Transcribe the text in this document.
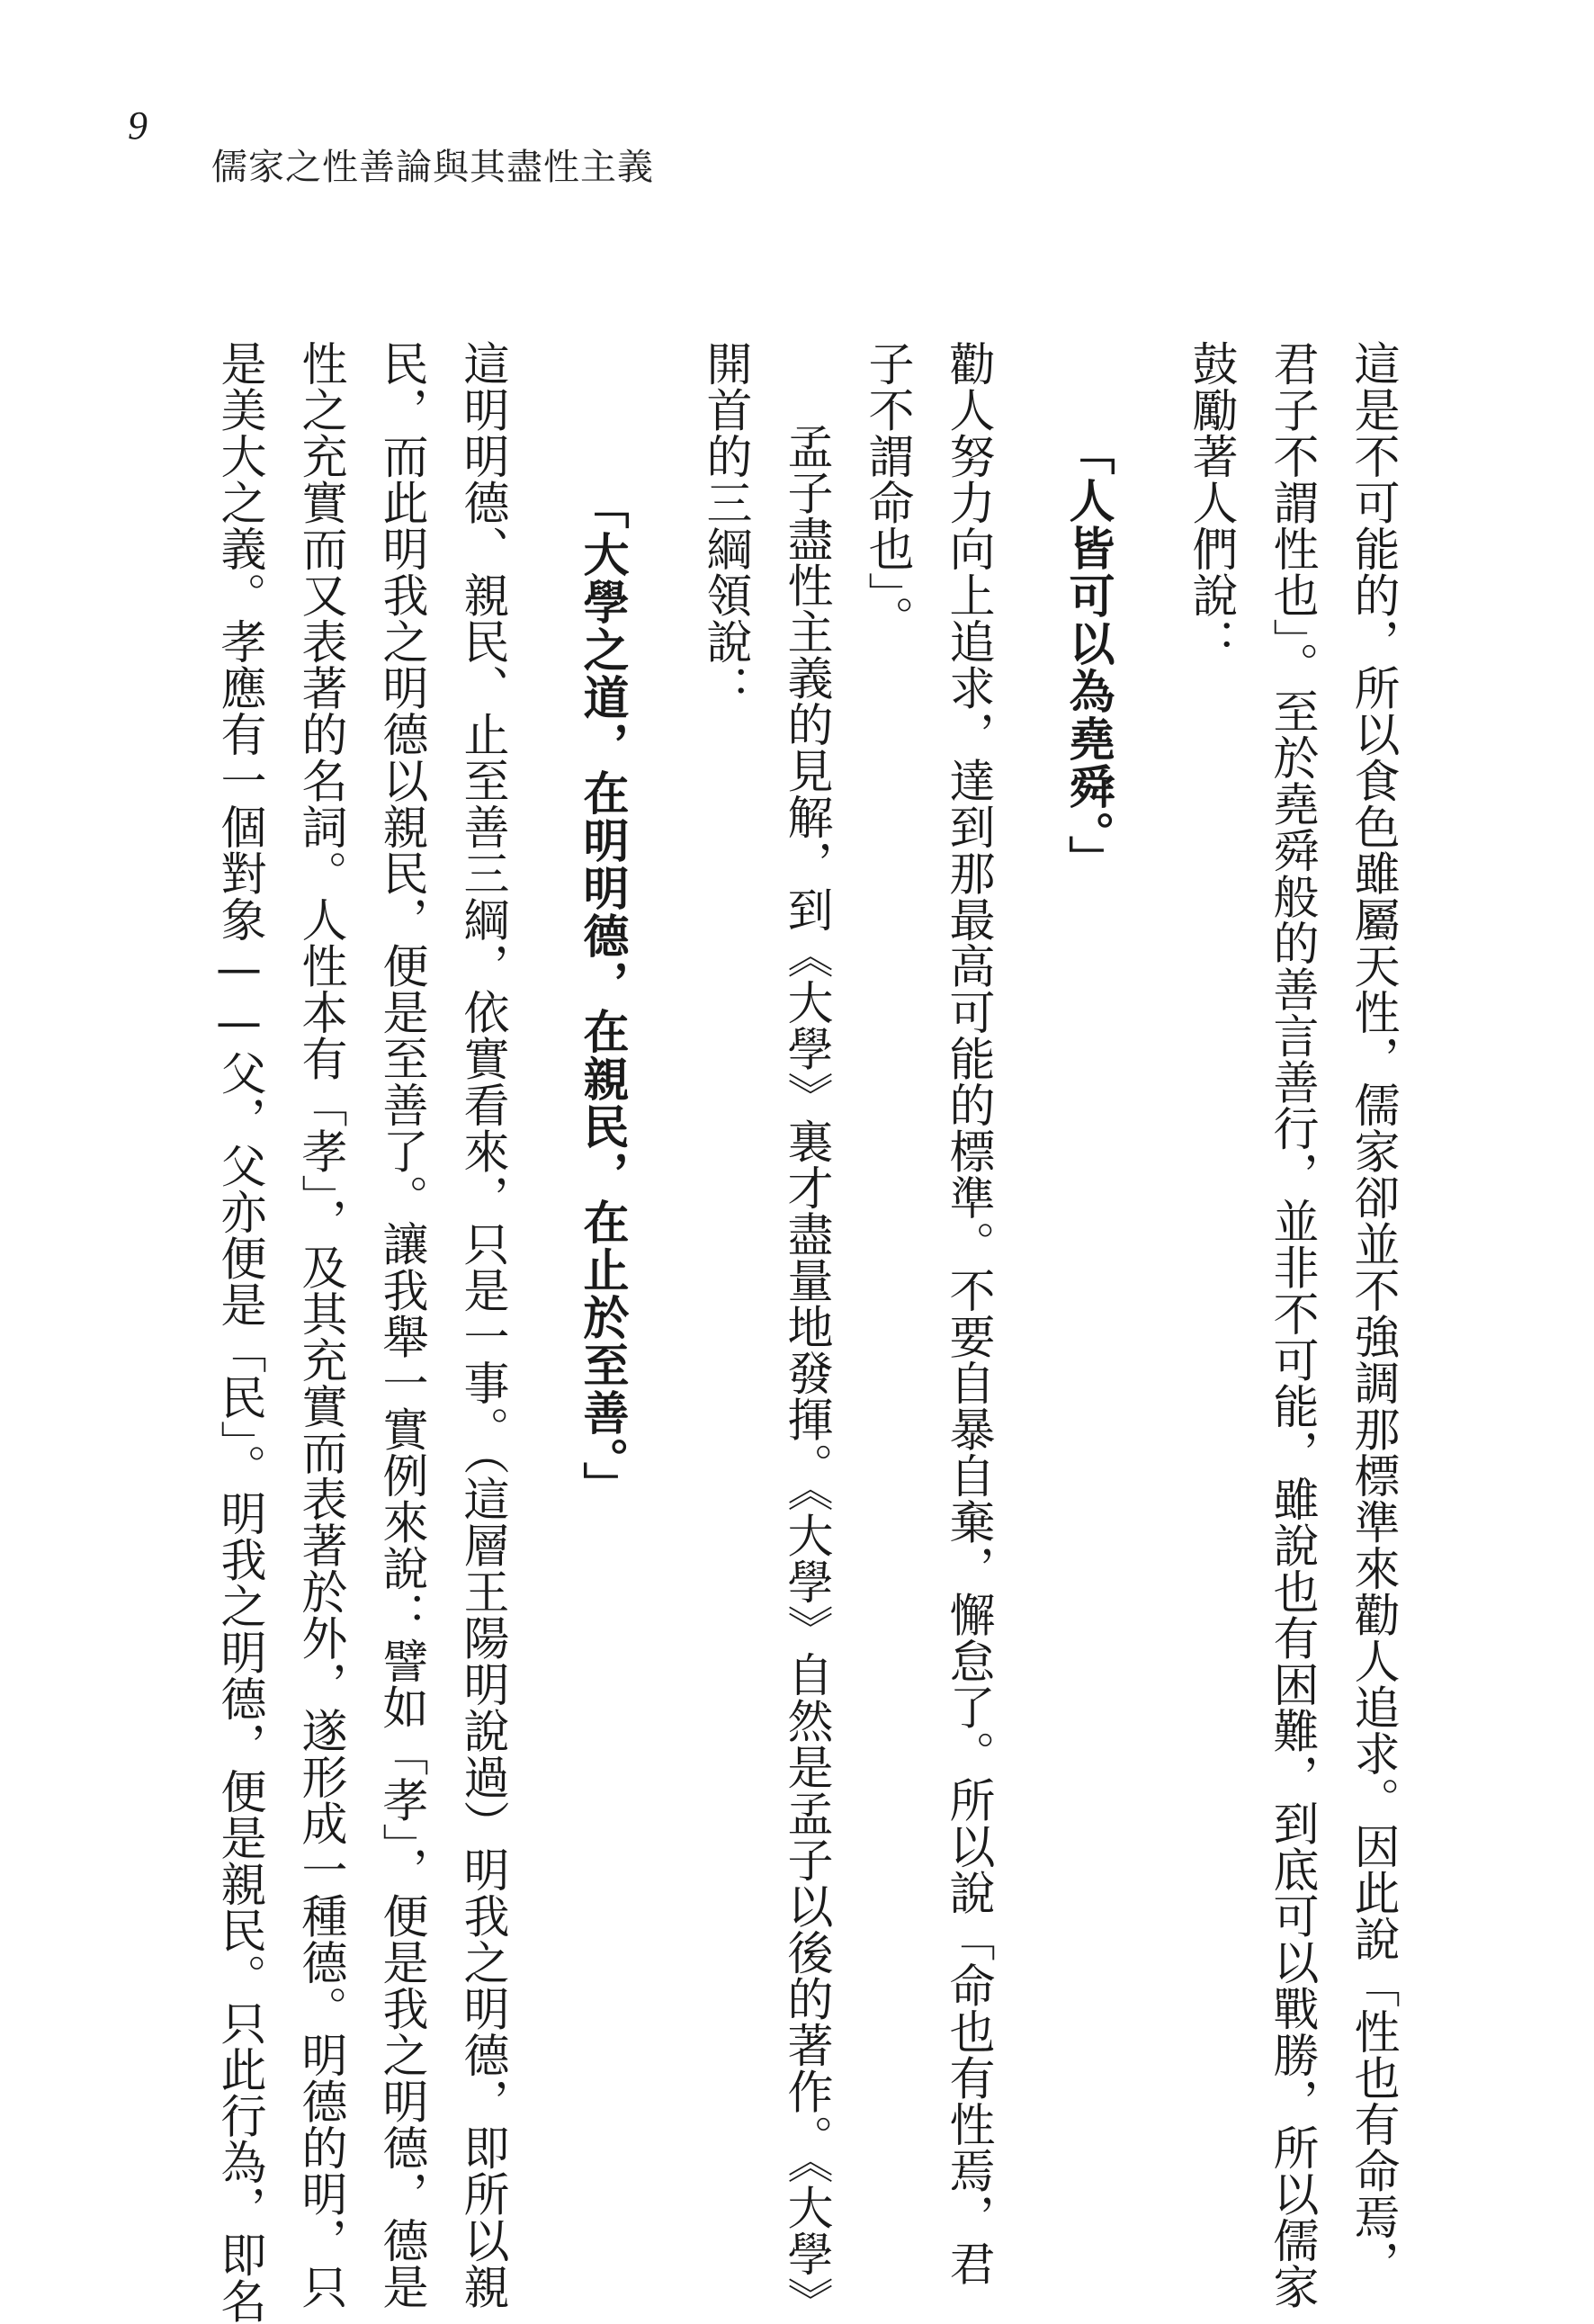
9
儒家之性善論與其盡性主義
這是不可能的，所以食色雖屬天性，儒家卻並不強調那標準來勸人追求。因此說「性也有命焉，
君子不謂性也」。至於堯舜般的善言善行，並非不可能，雖說也有困難，到底可以戰勝，所以儒家
鼓勵著人們說：
「人皆可以為堯舜。」
勸人努力向上追求，達到那最高可能的標準。不要自暴自棄，懈怠了。所以說「命也有性焉，君
子不謂命也」。
孟子盡性主義的見解，到《大學》裏才盡量地發揮。《大學》自然是孟子以後的著作。《大學》
開首的三綱領說：
「大學之道，在明明德，在親民，在止於至善。」
這明明德、親民、止至善三綱，依實看來，只是一事。（這層王陽明說過）明我之明德，即所以親
民，而此明我之明德以親民，便是至善了。讓我舉一實例來說：譬如「孝」，便是我之明德，德是
性之充實而又表著的名詞。人性本有「孝」，及其充實而表著於外，遂形成一種德。明德的明，只
是美大之義。孝應有一個對象——父，父亦便是「民」。明我之明德，便是親民。只此行為，即名
